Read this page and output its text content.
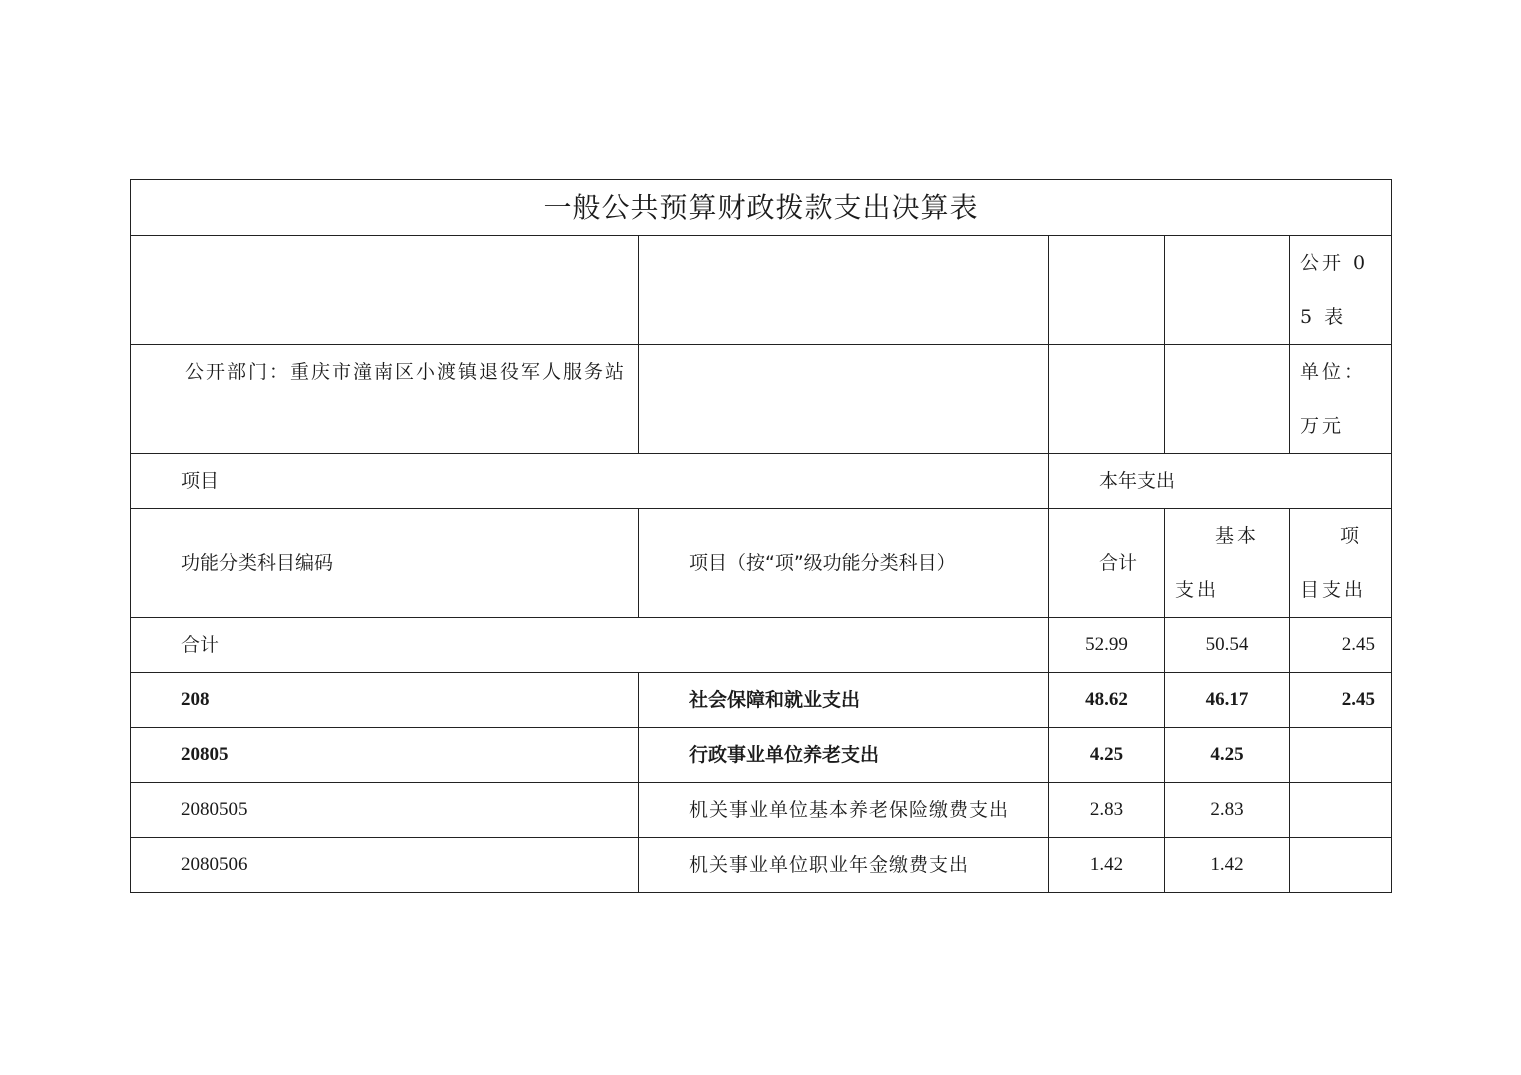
一般公共预算财政拨款支出决算表				
				公开 05 表
公开部门：重庆市潼南区小渡镇退役军人服务站				单位：万元
项目		本年支出		
功能分类科目编码	项目（按“项”级功能分类科目）	合计	基本支出	项目支出
合计		52.99	50.54	2.45
208	社会保障和就业支出	48.62	46.17	2.45
20805	行政事业单位养老支出	4.25	4.25	
2080505	机关事业单位基本养老保险缴费支出	2.83	2.83	
2080506	机关事业单位职业年金缴费支出	1.42	1.42	
